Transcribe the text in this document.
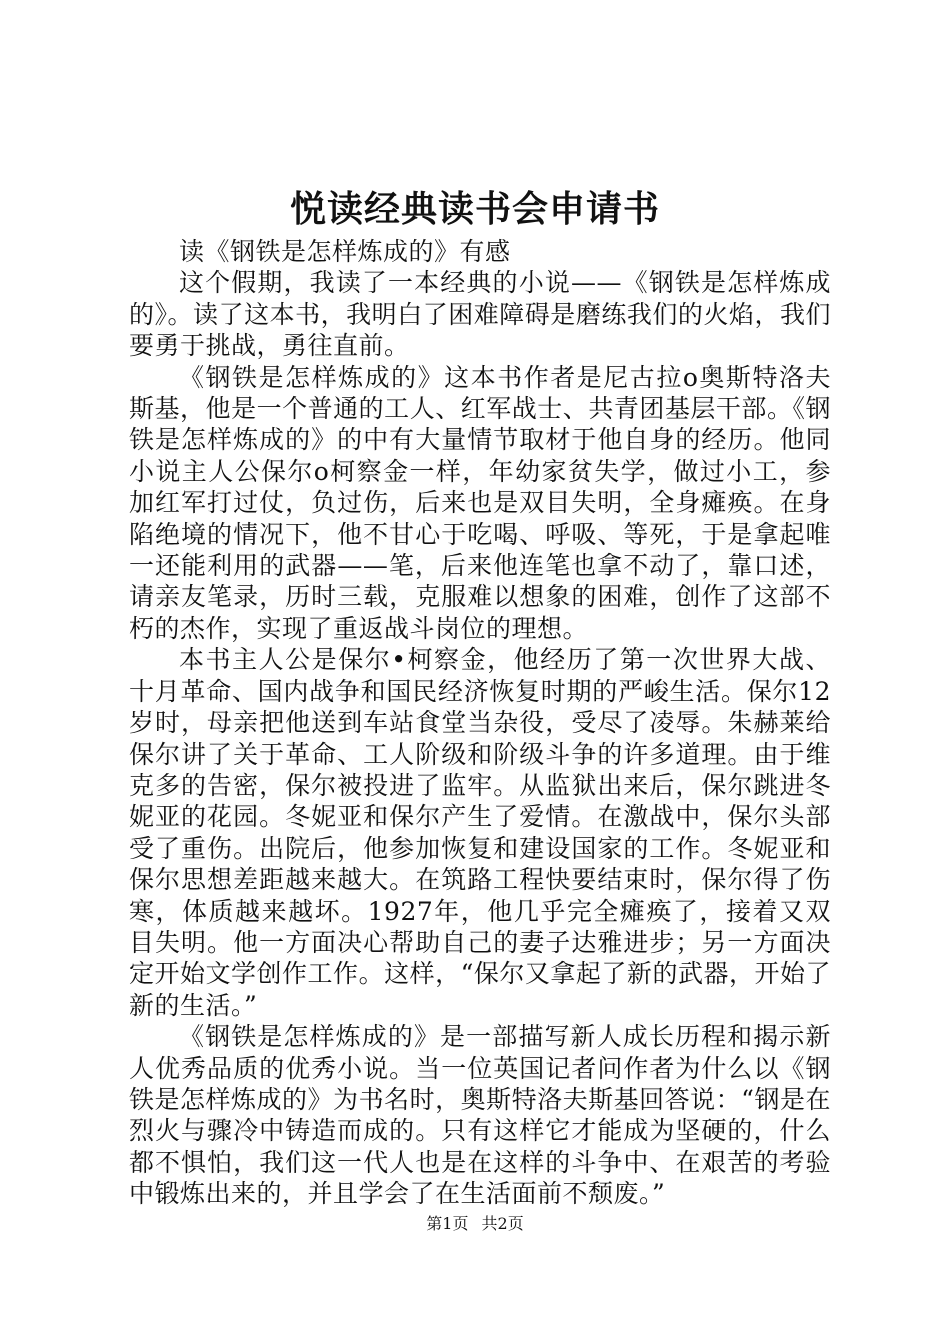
悦读经典读书会申请书

读《钢铁是怎样炼成的》有感

这个假期，我读了一本经典的小说——《钢铁是怎样炼成的》。读了这本书，我明白了困难障碍是磨练我们的火焰，我们要勇于挑战，勇往直前。

《钢铁是怎样炼成的》这本书作者是尼古拉o奥斯特洛夫斯基，他是一个普通的工人、红军战士、共青团基层干部。《钢铁是怎样炼成的》的中有大量情节取材于他自身的经历。他同小说主人公保尔o柯察金一样，年幼家贫失学，做过小工，参加红军打过仗，负过伤，后来也是双目失明，全身瘫痪。在身陷绝境的情况下，他不甘心于吃喝、呼吸、等死，于是拿起唯一还能利用的武器——笔，后来他连笔也拿不动了，靠口述，请亲友笔录，历时三载，克服难以想象的困难，创作了这部不朽的杰作，实现了重返战斗岗位的理想。

本书主人公是保尔•柯察金，他经历了第一次世界大战、十月革命、国内战争和国民经济恢复时期的严峻生活。保尔12岁时，母亲把他送到车站食堂当杂役，受尽了凌辱。朱赫莱给保尔讲了关于革命、工人阶级和阶级斗争的许多道理。由于维克多的告密，保尔被投进了监牢。从监狱出来后，保尔跳进冬妮亚的花园。冬妮亚和保尔产生了爱情。在激战中，保尔头部受了重伤。出院后，他参加恢复和建设国家的工作。冬妮亚和保尔思想差距越来越大。在筑路工程快要结束时，保尔得了伤寒，体质越来越坏。1927年，他几乎完全瘫痪了，接着又双目失明。他一方面决心帮助自己的妻子达雅进步；另一方面决定开始文学创作工作。这样，“保尔又拿起了新的武器，开始了新的生活。”

《钢铁是怎样炼成的》是一部描写新人成长历程和揭示新人优秀品质的优秀小说。当一位英国记者问作者为什么以《钢铁是怎样炼成的》为书名时，奥斯特洛夫斯基回答说：“钢是在烈火与骤冷中铸造而成的。只有这样它才能成为坚硬的，什么都不惧怕，我们这一代人也是在这样的斗争中、在艰苦的考验中锻炼出来的，并且学会了在生活面前不颓废。”

第1页 共2页
